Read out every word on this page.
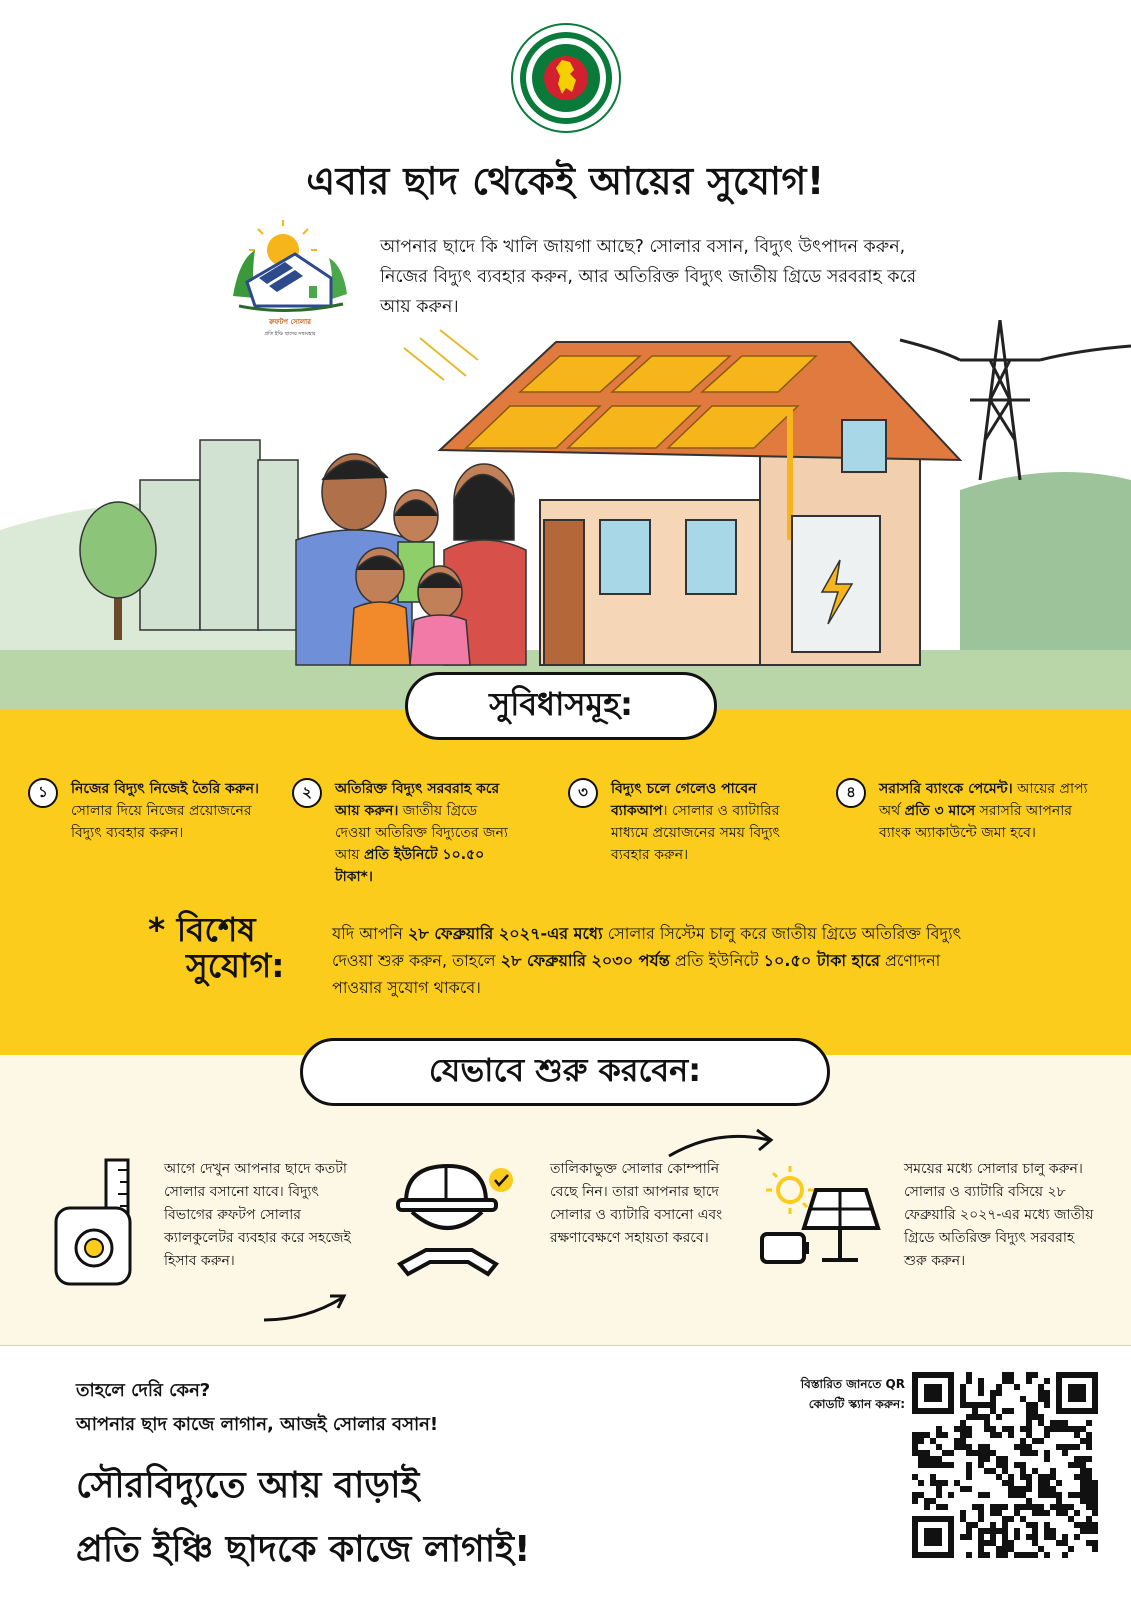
এবার ছাদ থেকেই আয়ের সুযোগ!
রুফটপ সোলার
প্রতি ইঞ্চি ছাদের সদ্ব্যবহার
আপনার ছাদে কি খালি জায়গা আছে? সোলার বসান, বিদ্যুৎ উৎপাদন করুন, নিজের বিদ্যুৎ ব্যবহার করুন, আর অতিরিক্ত বিদ্যুৎ জাতীয় গ্রিডে সরবরাহ করে আয় করুন।
সুবিধাসমূহ:
১	নিজের বিদ্যুৎ নিজেই তৈরি করুন। সোলার দিয়ে নিজের প্রয়োজনের বিদ্যুৎ ব্যবহার করুন।
২	অতিরিক্ত বিদ্যুৎ সরবরাহ করে আয় করুন। জাতীয় গ্রিডে দেওয়া অতিরিক্ত বিদ্যুতের জন্য আয় প্রতি ইউনিটে ১০.৫০ টাকা*।
৩	বিদ্যুৎ চলে গেলেও পাবেন ব্যাকআপ। সোলার ও ব্যাটারির মাধ্যমে প্রয়োজনের সময় বিদ্যুৎ ব্যবহার করুন।
৪	সরাসরি ব্যাংকে পেমেন্ট। আয়ের প্রাপ্য অর্থ প্রতি ৩ মাসে সরাসরি আপনার ব্যাংক অ্যাকাউন্টে জমা হবে।
* বিশেষ
সুযোগ:
যদি আপনি ২৮ ফেব্রুয়ারি ২০২৭-এর মধ্যে সোলার সিস্টেম চালু করে জাতীয় গ্রিডে অতিরিক্ত বিদ্যুৎ দেওয়া শুরু করুন, তাহলে ২৮ ফেব্রুয়ারি ২০৩০ পর্যন্ত প্রতি ইউনিটে ১০.৫০ টাকা হারে প্রণোদনা পাওয়ার সুযোগ থাকবে।
যেভাবে শুরু করবেন:
আগে দেখুন আপনার ছাদে কতটা সোলার বসানো যাবে। বিদ্যুৎ বিভাগের রুফটপ সোলার ক্যালকুলেটর ব্যবহার করে সহজেই হিসাব করুন।
তালিকাভুক্ত সোলার কোম্পানি বেছে নিন। তারা আপনার ছাদে সোলার ও ব্যাটারি বসানো এবং রক্ষণাবেক্ষণে সহায়তা করবে।
সময়ের মধ্যে সোলার চালু করুন। সোলার ও ব্যাটারি বসিয়ে ২৮ ফেব্রুয়ারি ২০২৭-এর মধ্যে জাতীয় গ্রিডে অতিরিক্ত বিদ্যুৎ সরবরাহ শুরু করুন।
তাহলে দেরি কেন?
আপনার ছাদ কাজে লাগান, আজই সোলার বসান!
সৌরবিদ্যুতে আয় বাড়াই
প্রতি ইঞ্চি ছাদকে কাজে লাগাই!
বিস্তারিত জানতে QR কোডটি স্ক্যান করুন:
